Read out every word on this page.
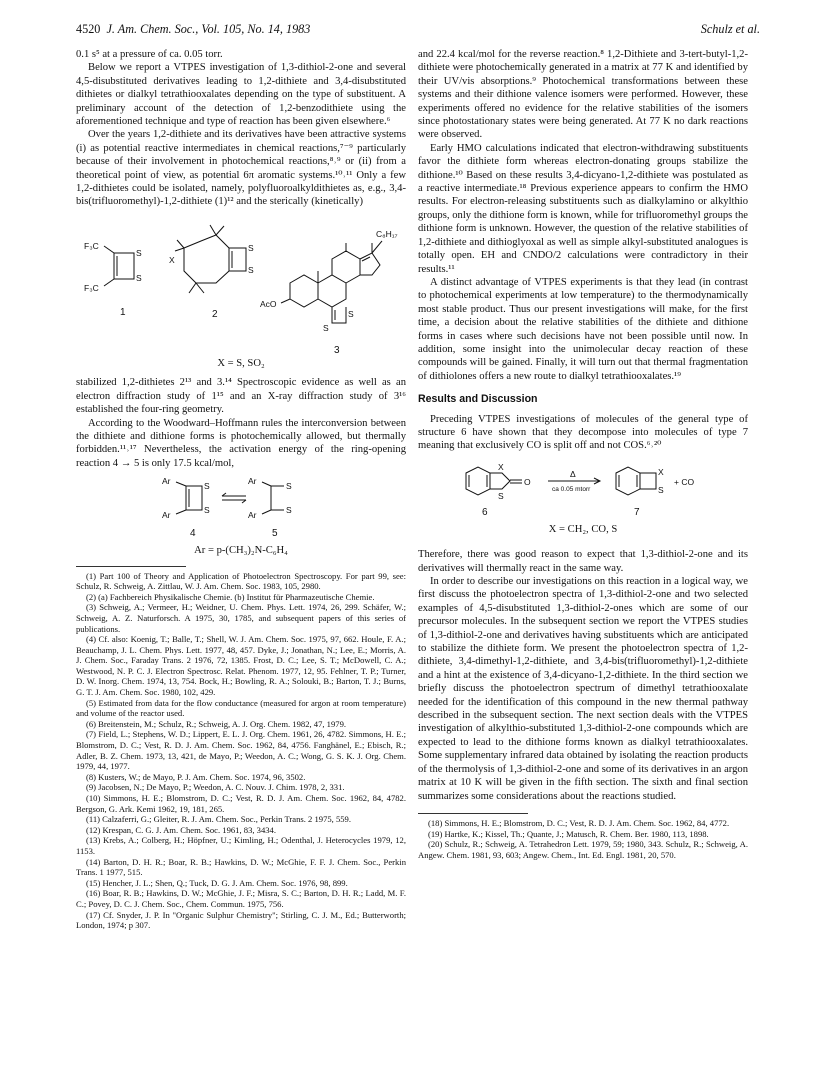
4520 J. Am. Chem. Soc., Vol. 105, No. 14, 1983	Schulz et al.

0.1 s⁵ at a pressure of ca. 0.05 torr.

Below we report a VTPES investigation of 1,3-dithiol-2-one and several 4,5-disubstituted derivatives leading to 1,2-dithiete and 3,4-disubstituted dithietes or dialkyl tetrathiooxalates depending on the type of substituent. A preliminary account of the detection of 1,2-benzodithiete using the aforementioned technique and type of reaction has been given elsewhere.⁶

Over the years 1,2-dithiete and its derivatives have been attractive systems (i) as potential reactive intermediates in chemical reactions,⁷⁻⁹ particularly because of their involvement in photochemical reactions,⁸˒⁹ or (ii) from a theoretical point of view, as potential 6π aromatic systems.¹⁰˒¹¹ Only a few 1,2-dithietes could be isolated, namely, polyfluoroalkyldithietes as, e.g., 3,4-bis(trifluoromethyl)-1,2-dithiete (1)¹² and the sterically (kinetically)

F₃C
F₃C
S
S
S
S
X
AcO
C₈H₁₇
S
S
1	2
3
X = S, SO₂

stabilized 1,2-dithietes 2¹³ and 3.¹⁴ Spectroscopic evidence as well as an electron diffraction study of 1¹⁵ and an X-ray diffraction study of 3¹⁶ established the four-ring geometry.

According to the Woodward–Hoffmann rules the interconversion between the dithiete and dithione forms is photochemically allowed, but thermally forbidden.¹¹˒¹⁷ Nevertheless, the activation energy of the ring-opening reaction 4 → 5 is only 17.5 kcal/mol,

Ar
Ar
S
S
Ar
Ar
S
S
4	5
Ar = p-(CH₃)₂N-C₆H₄

(1) Part 100 of Theory and Application of Photoelectron Spectroscopy. For part 99, see: Schulz, R. Schweig, A. Zittlau, W. J. Am. Chem. Soc. 1983, 105, 2980.

(2) (a) Fachbereich Physikalische Chemie. (b) Institut für Pharmazeutische Chemie.

(3) Schweig, A.; Vermeer, H.; Weidner, U. Chem. Phys. Lett. 1974, 26, 299. Schäfer, W.; Schweig, A. Z. Naturforsch. A 1975, 30, 1785, and subsequent papers of this series of publications.

(4) Cf. also: Koenig, T.; Balle, T.; Shell, W. J. Am. Chem. Soc. 1975, 97, 662. Houle, F. A.; Beauchamp, J. L. Chem. Phys. Lett. 1977, 48, 457. Dyke, J.; Jonathan, N.; Lee, E.; Morris, A. J. Chem. Soc., Faraday Trans. 2 1976, 72, 1385. Frost, D. C.; Lee, S. T.; McDowell, C. A.; Westwood, N. P. C. J. Electron Spectrosc. Relat. Phenom. 1977, 12, 95. Fehlner, T. P.; Turner, D. W. Inorg. Chem. 1974, 13, 754. Bock, H.; Bowling, R. A.; Solouki, B.; Barton, T. J.; Burns, G. T. J. Am. Chem. Soc. 1980, 102, 429.

(5) Estimated from data for the flow conductance (measured for argon at room temperature) and volume of the reactor used.

(6) Breitenstein, M.; Schulz, R.; Schweig, A. J. Org. Chem. 1982, 47, 1979.

(7) Field, L.; Stephens, W. D.; Lippert, E. L. J. Org. Chem. 1961, 26, 4782. Simmons, H. E.; Blomstrom, D. C.; Vest, R. D. J. Am. Chem. Soc. 1962, 84, 4756. Fanghänel, E.; Ebisch, R.; Adler, B. Z. Chem. 1973, 13, 421, de Mayo, P.; Weedon, A. C.; Wong, G. S. K. J. Org. Chem. 1979, 44, 1977.

(8) Kusters, W.; de Mayo, P. J. Am. Chem. Soc. 1974, 96, 3502.

(9) Jacobsen, N.; De Mayo, P.; Weedon, A. C. Nouv. J. Chim. 1978, 2, 331.

(10) Simmons, H. E.; Blomstrom, D. C.; Vest, R. D. J. Am. Chem. Soc. 1962, 84, 4782. Bergson, G. Ark. Kemi 1962, 19, 181, 265.

(11) Calzaferri, G.; Gleiter, R. J. Am. Chem. Soc., Perkin Trans. 2 1975, 559.

(12) Krespan, C. G. J. Am. Chem. Soc. 1961, 83, 3434.

(13) Krebs, A.; Colberg, H.; Höpfner, U.; Kimling, H.; Odenthal, J. Heterocycles 1979, 12, 1153.

(14) Barton, D. H. R.; Boar, R. B.; Hawkins, D. W.; McGhie, F. F. J. Chem. Soc., Perkin Trans. 1 1977, 515.

(15) Hencher, J. L.; Shen, Q.; Tuck, D. G. J. Am. Chem. Soc. 1976, 98, 899.

(16) Boar, R. B.; Hawkins, D. W.; McGhie, J. F.; Misra, S. C.; Barton, D. H. R.; Ladd, M. F. C.; Povey, D. C. J. Chem. Soc., Chem. Commun. 1975, 756.

(17) Cf. Snyder, J. P. In "Organic Sulphur Chemistry"; Stirling, C. J. M., Ed.; Butterworth; London, 1974; p 307.

and 22.4 kcal/mol for the reverse reaction.⁸ 1,2-Dithiete and 3-tert-butyl-1,2-dithiete were photochemically generated in a matrix at 77 K and identified by their UV/vis absorptions.⁹ Photochemical transformations between these systems and their dithione valence isomers were performed. However, these experiments offered no evidence for the relative stabilities of the isomers since photostationary states were being generated. At 77 K no dark reactions were observed.

Early HMO calculations indicated that electron-withdrawing substituents favor the dithiete form whereas electron-donating groups stabilize the dithione.¹⁰ Based on these results 3,4-dicyano-1,2-dithiete was postulated as a reactive intermediate.¹⁸ Previous experience appears to confirm the HMO results. For electron-releasing substituents such as dialkylamino or alkylthio groups, only the dithione form is known, while for trifluoromethyl groups the dithione form is unknown. However, the question of the relative stabilities of 1,2-dithiete and dithioglyoxal as well as simple alkyl-substituted analogues is totally open. EH and CNDO/2 calculations were contradictory in their results.¹¹

A distinct advantage of VTPES experiments is that they lead (in contrast to photochemical experiments at low temperature) to the thermodynamically most stable product. Thus our present investigations will make, for the first time, a decision about the relative stabilities of the dithiete and dithione forms in cases where such decisions have not been possible until now. In addition, some insight into the unimolecular decay reaction of these compounds will be gained. Finally, it will turn out that thermal fragmentation of dithiolones offers a new route to dialkyl tetrathiooxalates.¹⁹

Results and Discussion

Preceding VTPES investigations of molecules of the general type of structure 6 have shown that they decompose into molecules of type 7 meaning that exclusively CO is split off and not COS.⁶˒²⁰

X
S
O
X
S
+ CO
Δ
ca 0.05 mtorr
6	7
X = CH₂, CO, S

Therefore, there was good reason to expect that 1,3-dithiol-2-one and its derivatives will thermally react in the same way.

In order to describe our investigations on this reaction in a logical way, we first discuss the photoelectron spectra of 1,3-dithiol-2-one and two selected examples of 4,5-disubstituted 1,3-dithiol-2-ones which are some of our precursor molecules. In the subsequent section we report the VTPES studies of 1,3-dithiol-2-one and derivatives having substituents which are anticipated to stabilize the dithiete form. We present the photoelectron spectra of 1,2-dithiete, 3,4-dimethyl-1,2-dithiete, and 3,4-bis(trifluoromethyl)-1,2-dithiete and a hint at the existence of 3,4-dicyano-1,2-dithiete. In the third section we briefly discuss the photoelectron spectrum of dimethyl tetrathiooxalate needed for the identification of this compound in the new thermal pathway described in the subsequent section. The next section deals with the VTPES investigation of alkylthio-substituted 1,3-dithiol-2-one compounds which are expected to lead to the dithione forms known as dialkyl tetrathiooxalates. Some supplementary infrared data obtained by isolating the reaction products of the thermolysis of 1,3-dithiol-2-one and some of its derivatives in an argon matrix at 10 K will be given in the fifth section. The sixth and final section summarizes some considerations about the reactions studied.

(18) Simmons, H. E.; Blomstrom, D. C.; Vest, R. D. J. Am. Chem. Soc. 1962, 84, 4772.

(19) Hartke, K.; Kissel, Th.; Quante, J.; Matusch, R. Chem. Ber. 1980, 113, 1898.

(20) Schulz, R.; Schweig, A. Tetrahedron Lett. 1979, 59; 1980, 343. Schulz, R.; Schweig, A. Angew. Chem. 1981, 93, 603; Angew. Chem., Int. Ed. Engl. 1981, 20, 570.
